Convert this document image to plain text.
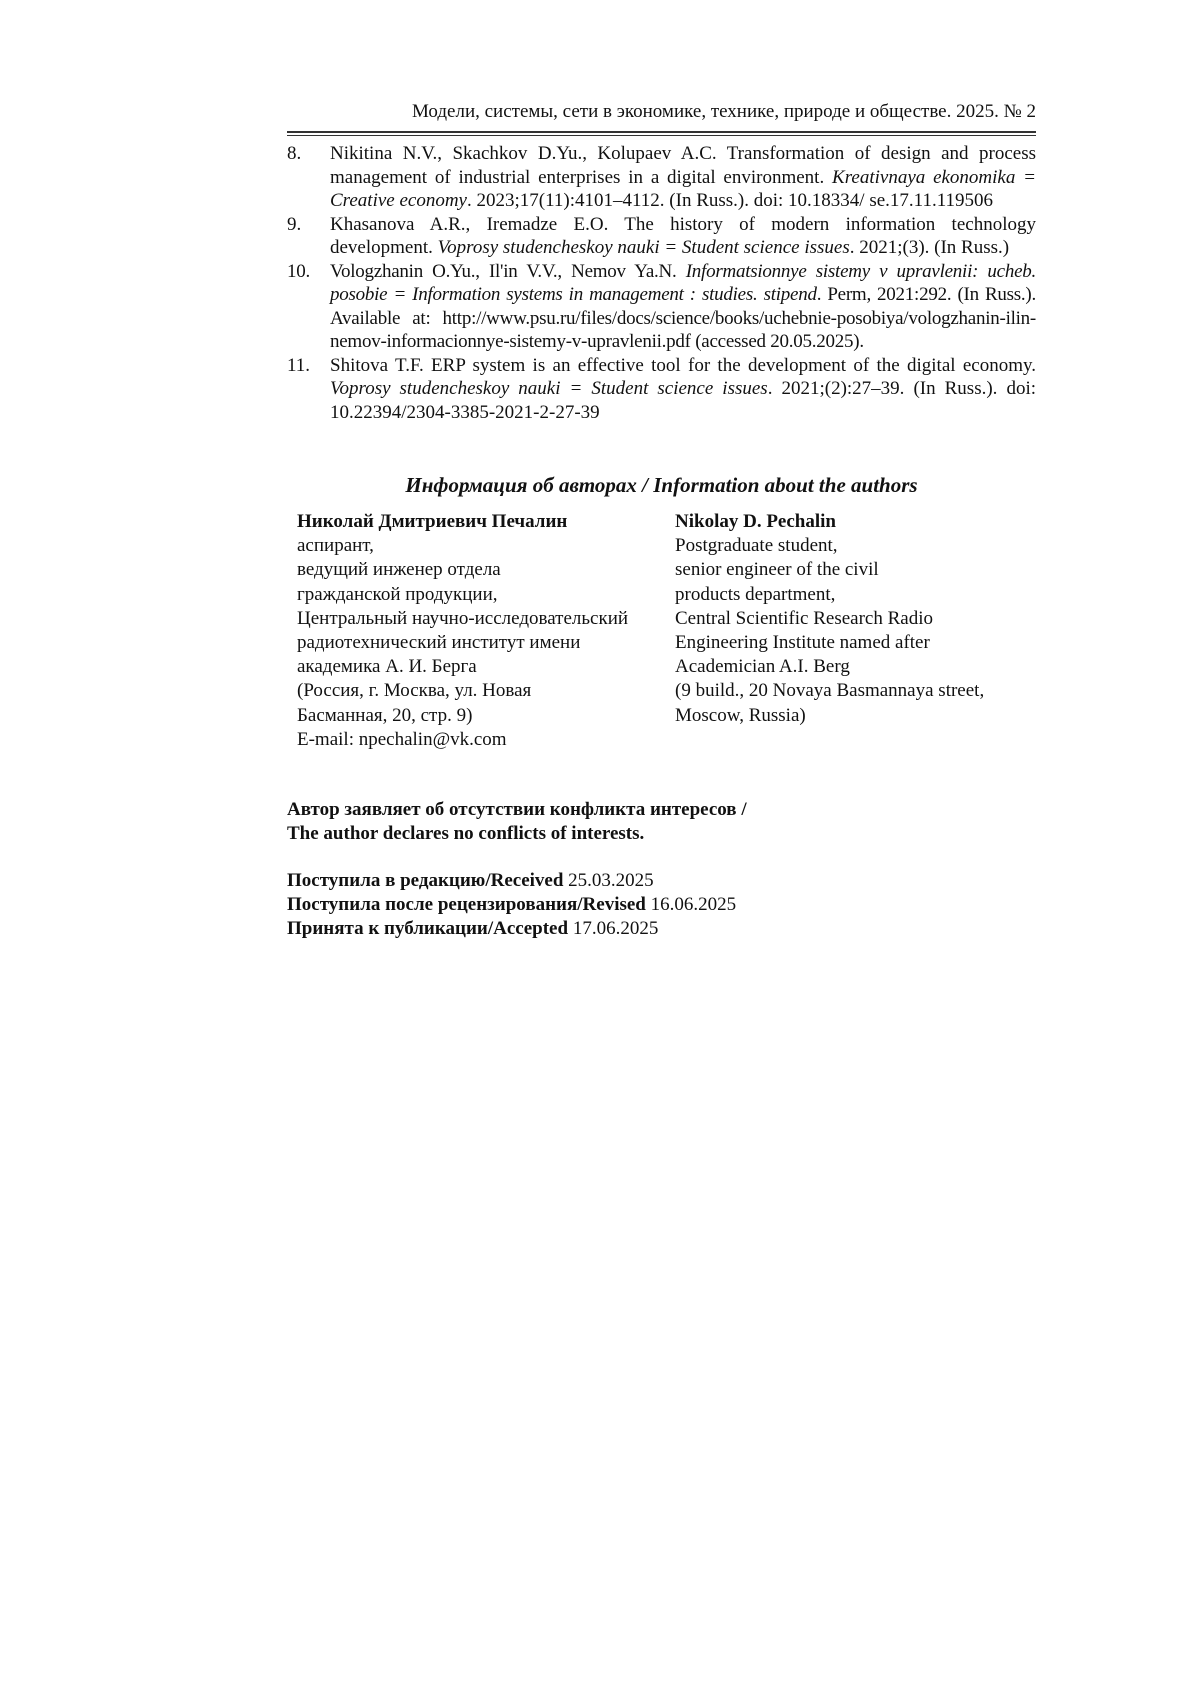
Модели, системы, сети в экономике, технике, природе и обществе. 2025. № 2
8. Nikitina N.V., Skachkov D.Yu., Kolupaev A.C. Transformation of design and process management of industrial enterprises in a digital environment. Kreativnaya ekonomika = Creative economy. 2023;17(11):4101–4112. (In Russ.). doi: 10.18334/ se.17.11.119506
9. Khasanova A.R., Iremadze E.O. The history of modern information technology development. Voprosy studencheskoy nauki = Student science issues. 2021;(3). (In Russ.)
10. Vologzhanin O.Yu., Il'in V.V., Nemov Ya.N. Informatsionnye sistemy v upravlenii: ucheb. posobie = Information systems in management : studies. stipend. Perm, 2021:292. (In Russ.). Available at: http://www.psu.ru/files/docs/science/books/uchebnie-posobiya/vologzhanin-ilin-nemov-informacionnye-sistemy-v-upravlenii.pdf (accessed 20.05.2025).
11. Shitova T.F. ERP system is an effective tool for the development of the digital economy. Voprosy studencheskoy nauki = Student science issues. 2021;(2):27–39. (In Russ.). doi: 10.22394/2304-3385-2021-2-27-39
Информация об авторах / Information about the authors
Николай Дмитриевич Печалин
аспирант,
ведущий инженер отдела
гражданской продукции,
Центральный научно-исследовательский
радиотехнический институт имени
академика А. И. Берга
(Россия, г. Москва, ул. Новая
Басманная, 20, стр. 9)
E-mail: npechalin@vk.com
Nikolay D. Pechalin
Postgraduate student,
senior engineer of the civil
products department,
Central Scientific Research Radio
Engineering Institute named after
Academician A.I. Berg
(9 build., 20 Novaya Basmannaya street,
Moscow, Russia)
Автор заявляет об отсутствии конфликта интересов /
The author declares no conflicts of interests.
Поступила в редакцию/Received 25.03.2025
Поступила после рецензирования/Revised 16.06.2025
Принята к публикации/Accepted 17.06.2025
